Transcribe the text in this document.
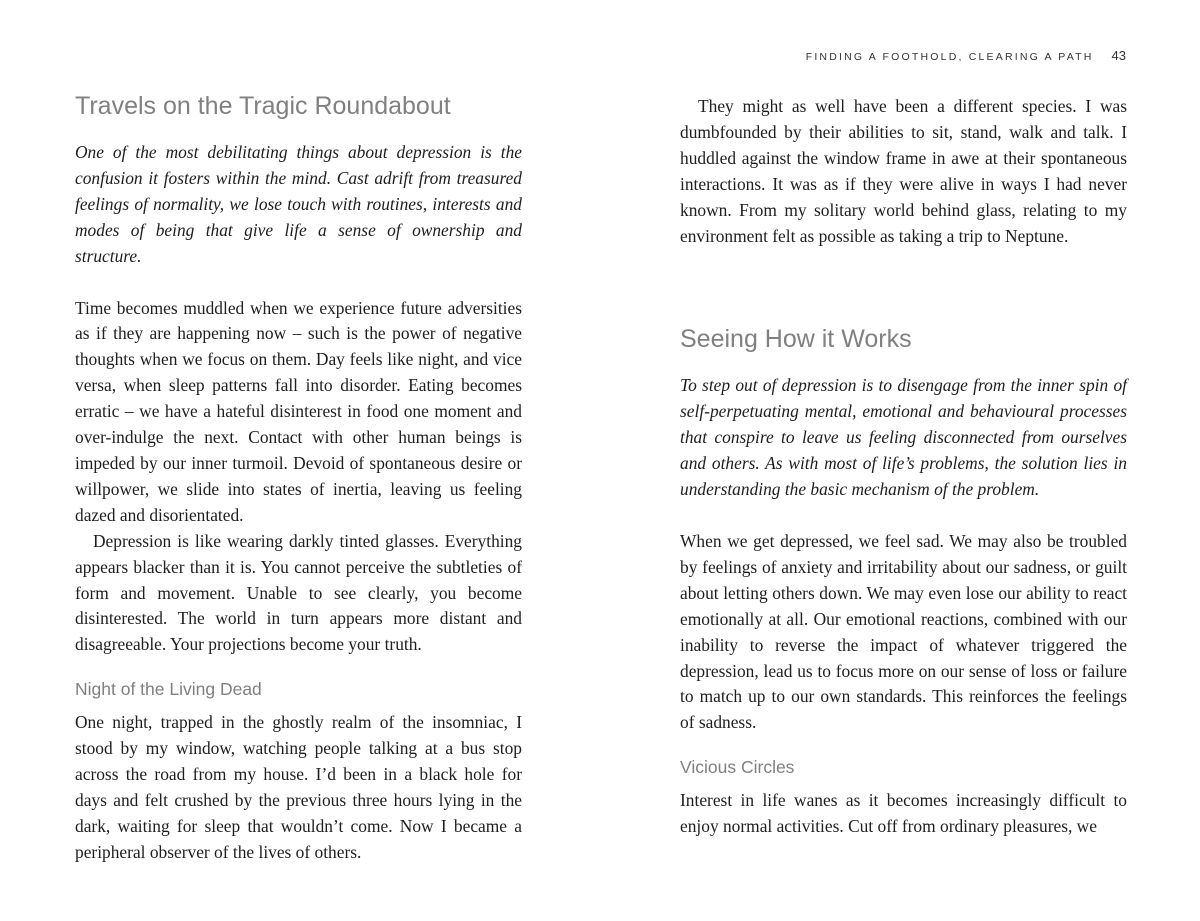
Travels on the Tragic Roundabout

One of the most debilitating things about depression is the confusion it fosters within the mind. Cast adrift from treasured feelings of normality, we lose touch with routines, interests and modes of being that give life a sense of ownership and structure.

Time becomes muddled when we experience future adversities as if they are happening now – such is the power of negative thoughts when we focus on them. Day feels like night, and vice versa, when sleep patterns fall into disorder. Eating becomes erratic – we have a hateful disinterest in food one moment and over-indulge the next. Contact with other human beings is impeded by our inner turmoil. Devoid of spontaneous desire or willpower, we slide into states of inertia, leaving us feeling dazed and disorientated.

Depression is like wearing darkly tinted glasses. Everything appears blacker than it is. You cannot perceive the subtleties of form and movement. Unable to see clearly, you become disinterested. The world in turn appears more distant and disagreeable. Your projections become your truth.

Night of the Living Dead

One night, trapped in the ghostly realm of the insomniac, I stood by my window, watching people talking at a bus stop across the road from my house. I’d been in a black hole for days and felt crushed by the previous three hours lying in the dark, waiting for sleep that wouldn’t come. Now I became a peripheral observer of the lives of others.

FINDING A FOOTHOLD, CLEARING A PATH 43

They might as well have been a different species. I was dumbfounded by their abilities to sit, stand, walk and talk. I huddled against the window frame in awe at their spontaneous interactions. It was as if they were alive in ways I had never known. From my solitary world behind glass, relating to my environment felt as possible as taking a trip to Neptune.

Seeing How it Works

To step out of depression is to disengage from the inner spin of self-perpetuating mental, emotional and behavioural processes that conspire to leave us feeling disconnected from ourselves and others. As with most of life’s problems, the solution lies in understanding the basic mechanism of the problem.

When we get depressed, we feel sad. We may also be troubled by feelings of anxiety and irritability about our sadness, or guilt about letting others down. We may even lose our ability to react emotionally at all. Our emotional reactions, combined with our inability to reverse the impact of whatever triggered the depression, lead us to focus more on our sense of loss or failure to match up to our own standards. This reinforces the feelings of sadness.

Vicious Circles

Interest in life wanes as it becomes increasingly difficult to enjoy normal activities. Cut off from ordinary pleasures, we
